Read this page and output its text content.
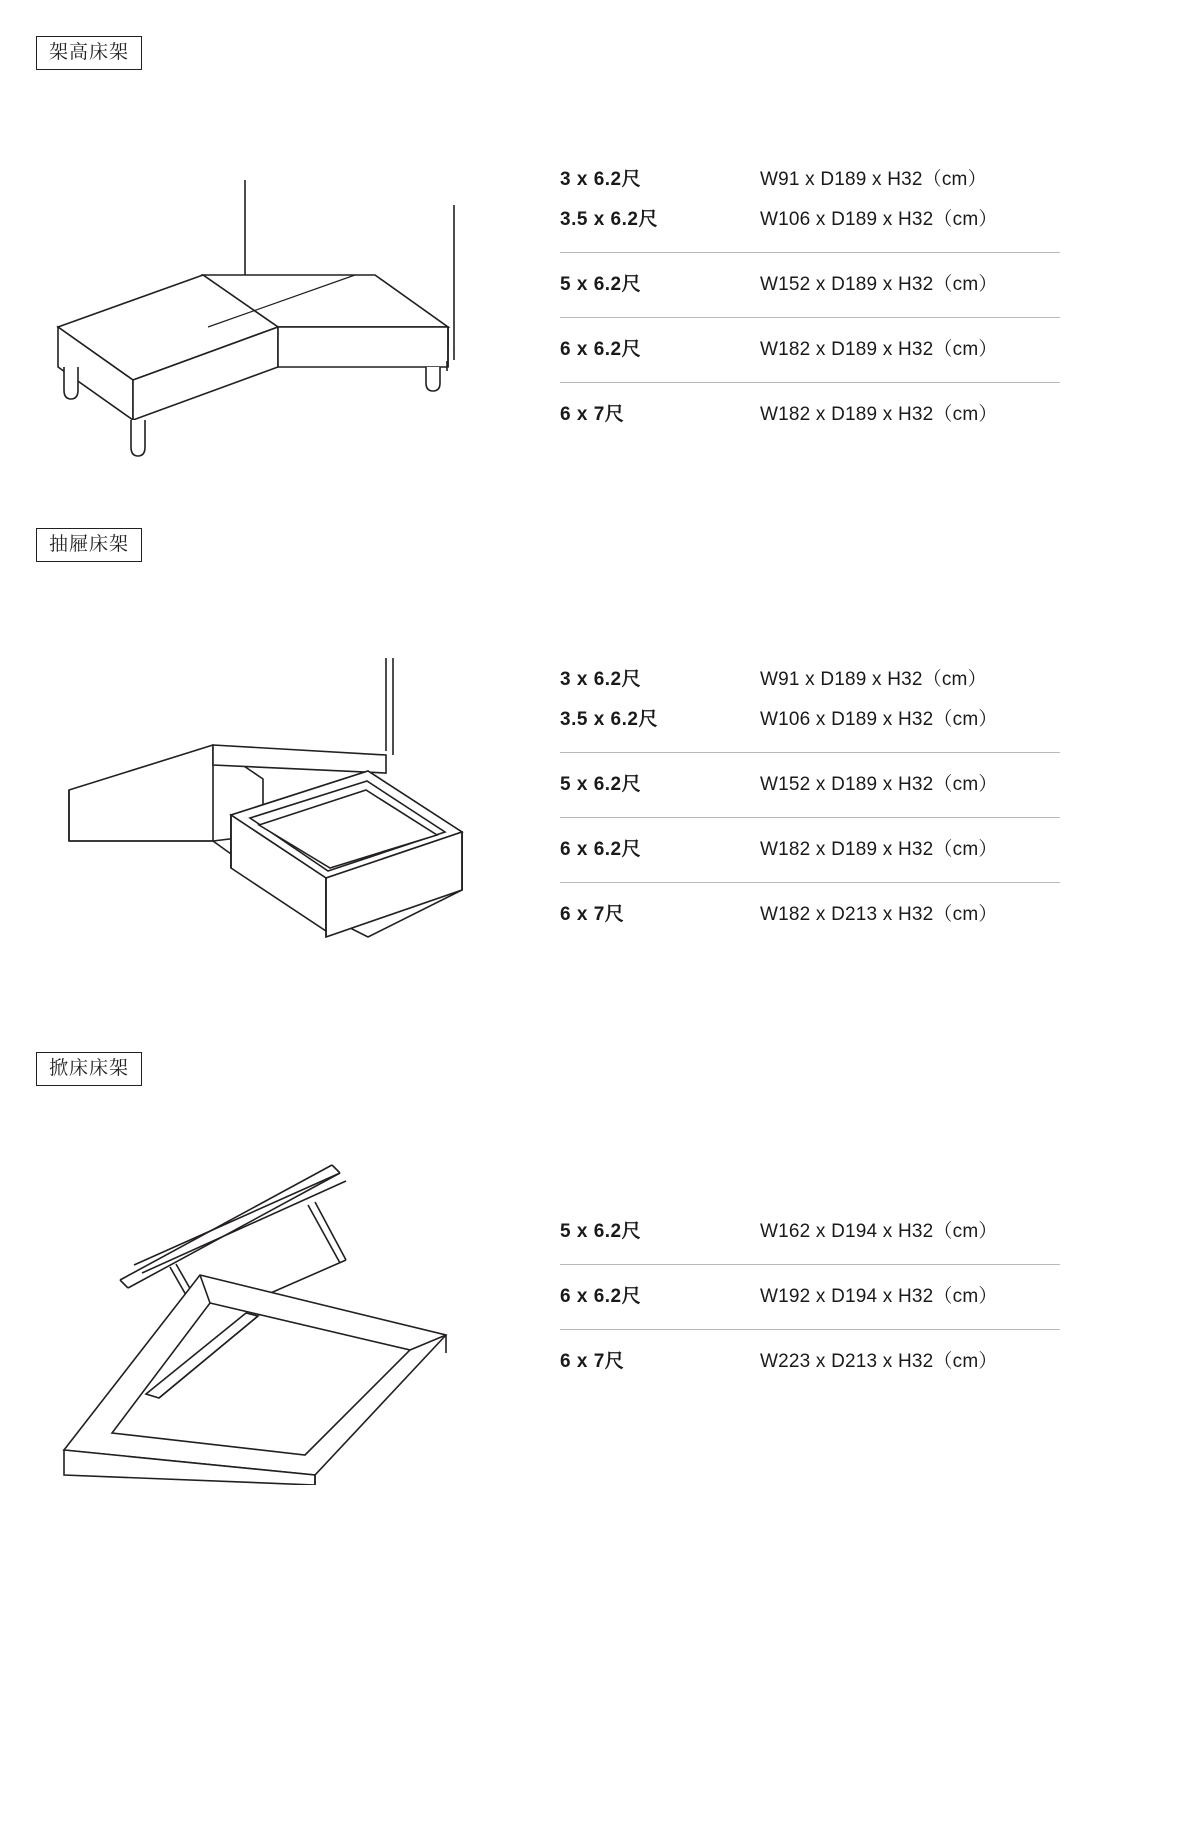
架高床架
3 x 6.2尺	W91 x D189 x H32（cm）
3.5 x 6.2尺	W106 x D189 x H32（cm）
5 x 6.2尺	W152 x D189 x H32（cm）
6 x 6.2尺	W182 x D189 x H32（cm）
6 x 7尺	W182 x D189 x H32（cm）
抽屜床架
3 x 6.2尺	W91 x D189 x H32（cm）
3.5 x 6.2尺	W106 x D189 x H32（cm）
5 x 6.2尺	W152 x D189 x H32（cm）
6 x 6.2尺	W182 x D189 x H32（cm）
6 x 7尺	W182 x D213 x H32（cm）
掀床床架
5 x 6.2尺	W162 x D194 x H32（cm）
6 x 6.2尺	W192 x D194 x H32（cm）
6 x 7尺	W223 x D213 x H32（cm）
